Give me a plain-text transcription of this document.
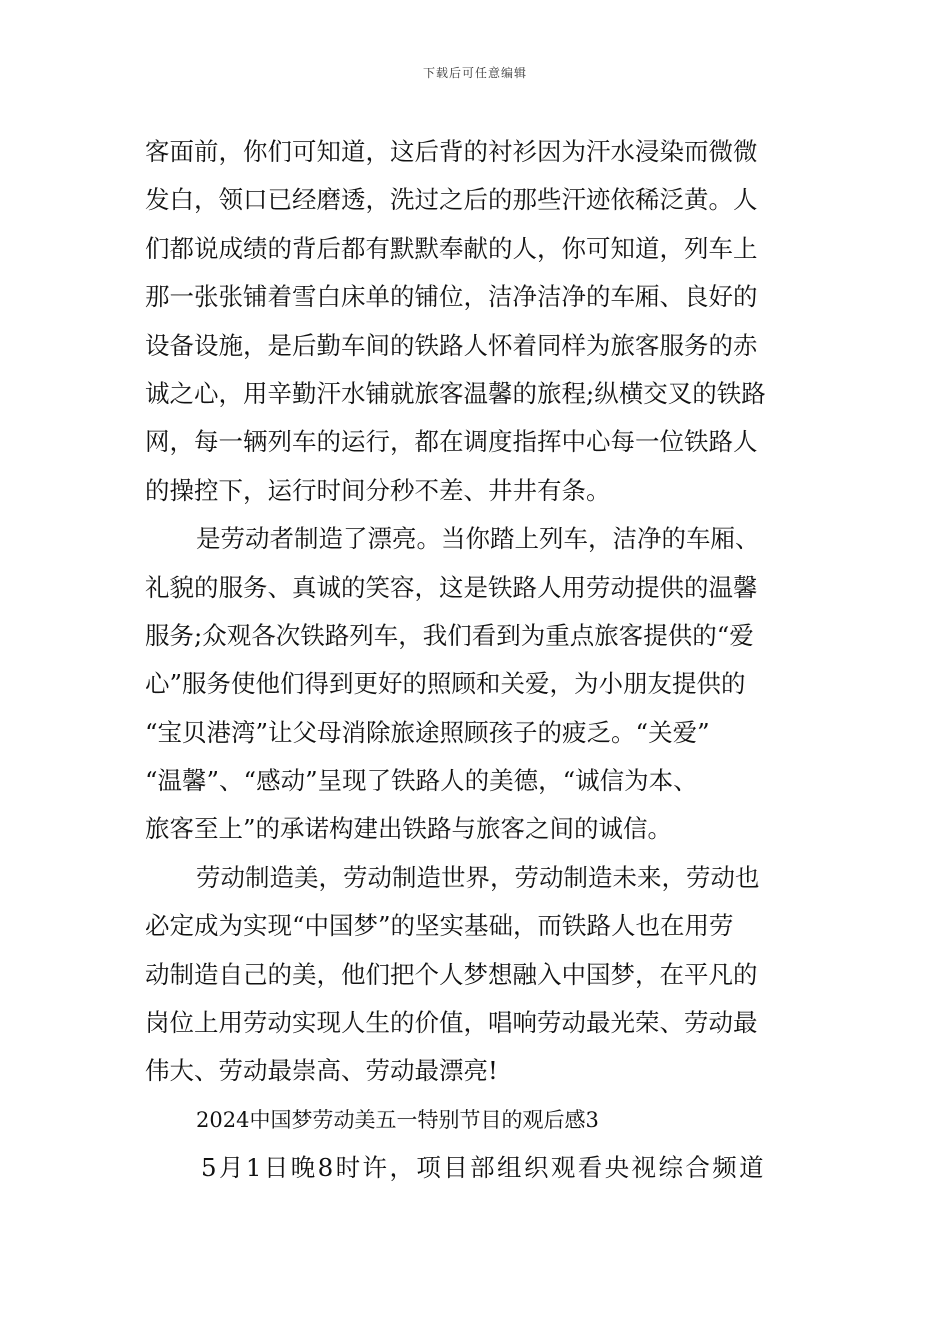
下载后可任意编辑
客面前，你们可知道，这后背的衬衫因为汗水浸染而微微
发白，领口已经磨透，洗过之后的那些汗迹依稀泛黄。人
们都说成绩的背后都有默默奉献的人，你可知道，列车上
那一张张铺着雪白床单的铺位，洁净洁净的车厢、良好的
设备设施，是后勤车间的铁路人怀着同样为旅客服务的赤
诚之心，用辛勤汗水铺就旅客温馨的旅程;纵横交叉的铁路
网，每一辆列车的运行，都在调度指挥中心每一位铁路人
的操控下，运行时间分秒不差、井井有条。
是劳动者制造了漂亮。当你踏上列车，洁净的车厢、
礼貌的服务、真诚的笑容，这是铁路人用劳动提供的温馨
服务;众观各次铁路列车，我们看到为重点旅客提供的“爱
心”服务使他们得到更好的照顾和关爱，为小朋友提供的
“宝贝港湾”让父母消除旅途照顾孩子的疲乏。“关爱”
“温馨”、“感动”呈现了铁路人的美德，“诚信为本、
旅客至上”的承诺构建出铁路与旅客之间的诚信。
劳动制造美，劳动制造世界，劳动制造未来，劳动也
必定成为实现“中国梦”的坚实基础，而铁路人也在用劳
动制造自己的美，他们把个人梦想融入中国梦，在平凡的
岗位上用劳动实现人生的价值，唱响劳动最光荣、劳动最
伟大、劳动最崇高、劳动最漂亮!
2024中国梦劳动美五一特别节目的观后感3
5月1日晚8时许，项目部组织观看央视综合频道
